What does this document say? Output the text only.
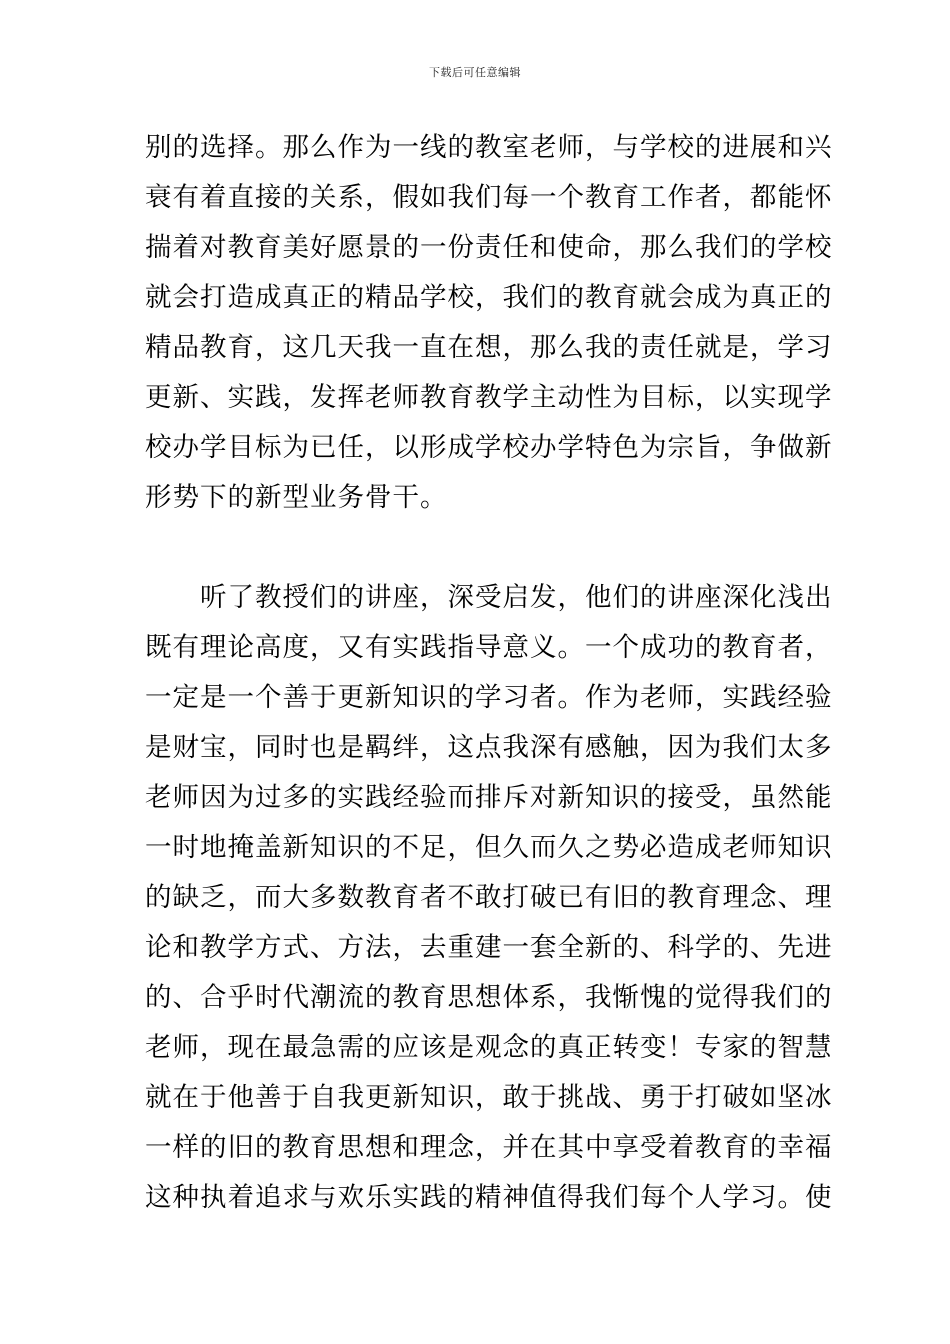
下载后可任意编辑
别的选择。那么作为一线的教室老师，与学校的进展和兴
衰有着直接的关系，假如我们每一个教育工作者，都能怀
揣着对教育美好愿景的一份责任和使命，那么我们的学校
就会打造成真正的精品学校，我们的教育就会成为真正的
精品教育，这几天我一直在想，那么我的责任就是，学习
更新、实践，发挥老师教育教学主动性为目标，以实现学
校办学目标为已任，以形成学校办学特色为宗旨，争做新
形势下的新型业务骨干。
　　听了教授们的讲座，深受启发，他们的讲座深化浅出
既有理论高度，又有实践指导意义。一个成功的教育者，
一定是一个善于更新知识的学习者。作为老师，实践经验
是财宝，同时也是羁绊，这点我深有感触，因为我们太多
老师因为过多的实践经验而排斥对新知识的接受，虽然能
一时地掩盖新知识的不足，但久而久之势必造成老师知识
的缺乏，而大多数教育者不敢打破已有旧的教育理念、理
论和教学方式、方法，去重建一套全新的、科学的、先进
的、合乎时代潮流的教育思想体系，我惭愧的觉得我们的
老师，现在最急需的应该是观念的真正转变！专家的智慧
就在于他善于自我更新知识，敢于挑战、勇于打破如坚冰
一样的旧的教育思想和理念，并在其中享受着教育的幸福
这种执着追求与欢乐实践的精神值得我们每个人学习。使
